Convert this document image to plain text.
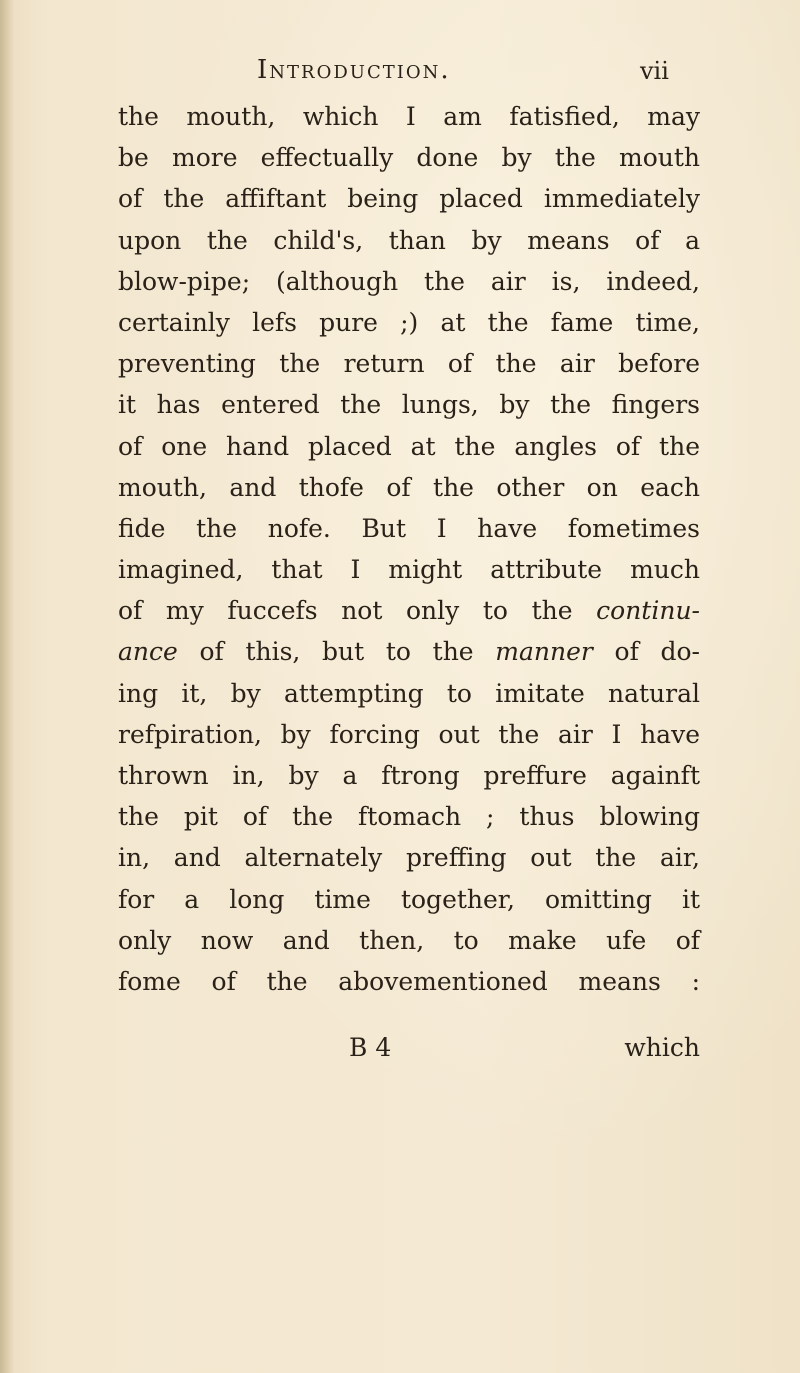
Introduction.	vii
the mouth, which I am fatisfied, may
be more effectually done by the mouth
of the affiftant being placed immediately
upon the child's, than by means of a
blow-pipe; (although the air is, indeed,
certainly lefs pure ;) at the fame time,
preventing the return of the air before
it has entered the lungs, by the fingers
of one hand placed at the angles of the
mouth, and thofe of the other on each
fide the nofe. But I have fometimes
imagined, that I might attribute much
of my fuccefs not only to the continu-
ance of this, but to the manner of do-
ing it, by attempting to imitate natural
refpiration, by forcing out the air I have
thrown in, by a ftrong preffure againft
the pit of the ftomach ; thus blowing
in, and alternately preffing out the air,
for a long time together, omitting it
only now and then, to make ufe of
fome of the abovementioned means :
B 4	which
